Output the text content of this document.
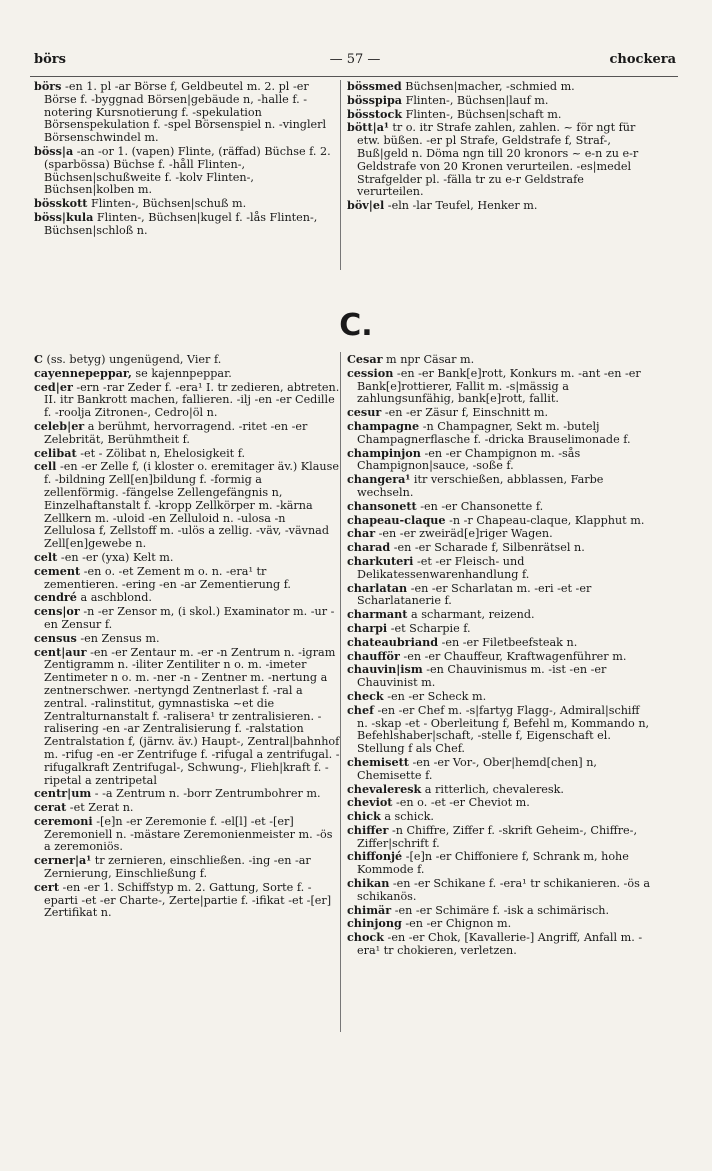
börs	— 57 —	chockera

börs -en 1. pl -ar Börse f, Geldbeutel m. 2. pl -er Börse f. -byggnad Börsen|gebäude n, -halle f. -notering Kursnotierung f. -spekulation Börsenspekulation f. -spel Börsenspiel n. -vinglerl Börsenschwindel m.

böss|a -an -or 1. (vapen) Flinte, (räffad) Büchse f. 2. (sparbössa) Büchse f. -håll Flinten-, Büchsen|schußweite f. -kolv Flinten-, Büchsen|kolben m.

bösskott Flinten-, Büchsen|schuß m.

böss|kula Flinten-, Büchsen|kugel f. -lås Flinten-, Büchsen|schloß n.

bössmed Büchsen|macher, -schmied m.

bösspipa Flinten-, Büchsen|lauf m.

bösstock Flinten-, Büchsen|schaft m.

bött|a¹ tr o. itr Strafe zahlen, zahlen. ~ för ngt für etw. büßen. -er pl Strafe, Geldstrafe f, Straf-, Buß|geld n. Döma ngn till 20 kronors ~ e-n zu e-r Geldstrafe von 20 Kronen verurteilen. -es|medel Strafgelder pl. -fälla tr zu e-r Geldstrafe verurteilen.

böv|el -eln -lar Teufel, Henker m.

C.

C (ss. betyg) ungenügend, Vier f.

cayennepeppar, se kajennpeppar.

ced|er -ern -rar Zeder f. -era¹ I. tr zedieren, abtreten. II. itr Bankrott machen, fallieren. -ilj -en -er Cedille f. -roolja Zitronen-, Cedro|öl n.

celeb|er a berühmt, hervorragend. -ritet -en -er Zelebrität, Berühmtheit f.

celibat -et - Zölibat n, Ehelosigkeit f.

cell -en -er Zelle f, (i kloster o. eremitager äv.) Klause f. -bildning Zell[en]bildung f. -formig a zellenförmig. -fängelse Zellengefängnis n, Einzelhaftanstalt f. -kropp Zellkörper m. -kärna Zellkern m. -uloid -en Zelluloid n. -ulosa -n Zellulosa f, Zellstoff m. -ulös a zellig. -väv, -vävnad Zell[en]gewebe n.

celt -en -er (yxa) Kelt m.

cement -en o. -et Zement m o. n. -era¹ tr zementieren. -ering -en -ar Zementierung f.

cendré a aschblond.

cens|or -n -er Zensor m, (i skol.) Examinator m. -ur -en Zensur f.

census -en Zensus m.

cent|aur -en -er Zentaur m. -er -n Zentrum n. -igram Zentigramm n. -iliter Zentiliter n o. m. -imeter Zentimeter n o. m. -ner -n - Zentner m. -nertung a zentnerschwer. -nertyngd Zentnerlast f. -ral a zentral. -ralinstitut, gymnastiska ~et die Zentralturnanstalt f. -ralisera¹ tr zentralisieren. -ralisering -en -ar Zentralisierung f. -ralstation Zentralstation f, (järnv. äv.) Haupt-, Zentral|bahnhof m. -rifug -en -er Zentrifuge f. -rifugal a zentrifugal. -rifugalkraft Zentrifugal-, Schwung-, Flieh|kraft f. -ripetal a zentripetal

centr|um - -a Zentrum n. -borr Zentrumbohrer m.

cerat -et Zerat n.

ceremoni -[e]n -er Zeremonie f. -el[l] -et -[er] Zeremoniell n. -mästare Zeremonienmeister m. -ös a zeremoniös.

cerner|a¹ tr zernieren, einschließen. -ing -en -ar Zernierung, Einschließung f.

cert -en -er 1. Schiffstyp m. 2. Gattung, Sorte f. -eparti -et -er Charte-, Zerte|partie f. -ifikat -et -[er] Zertifikat n.

Cesar m npr Cäsar m.

cession -en -er Bank[e]rott, Konkurs m. -ant -en -er Bank[e]rottierer, Fallit m. -s|mässig a zahlungsunfähig, bank[e]rott, fallit.

cesur -en -er Zäsur f, Einschnitt m.

champagne -n Champagner, Sekt m. -butelj Champagnerflasche f. -dricka Brauselimonade f.

champinjon -en -er Champignon m. -sås Champignon|sauce, -soße f.

changera¹ itr verschießen, abblassen, Farbe wechseln.

chansonett -en -er Chansonette f.

chapeau-claque -n -r Chapeau-claque, Klapphut m.

char -en -er zweiräd[e]riger Wagen.

charad -en -er Scharade f, Silbenrätsel n.

charkuteri -et -er Fleisch- und Delikatessenwarenhandlung f.

charlatan -en -er Scharlatan m. -eri -et -er Scharlatanerie f.

charmant a scharmant, reizend.

charpi -et Scharpie f.

chateaubriand -en -er Filetbeefsteak n.

chaufför -en -er Chauffeur, Kraftwagenführer m.

chauvin|ism -en Chauvinismus m. -ist -en -er Chauvinist m.

check -en -er Scheck m.

chef -en -er Chef m. -s|fartyg Flagg-, Admiral|schiff n. -skap -et - Oberleitung f, Befehl m, Kommando n, Befehlshaber|schaft, -stelle f, Eigenschaft el. Stellung f als Chef.

chemisett -en -er Vor-, Ober|hemd[chen] n, Chemisette f.

chevaleresk a ritterlich, chevaleresk.

cheviot -en o. -et -er Cheviot m.

chick a schick.

chiffer -n Chiffre, Ziffer f. -skrift Geheim-, Chiffre-, Ziffer|schrift f.

chiffonjé -[e]n -er Chiffoniere f, Schrank m, hohe Kommode f.

chikan -en -er Schikane f. -era¹ tr schikanieren. -ös a schikanös.

chimär -en -er Schimäre f. -isk a schimärisch.

chinjong -en -er Chignon m.

chock -en -er Chok, [Kavallerie-] Angriff, Anfall m. -era¹ tr chokieren, verletzen.
